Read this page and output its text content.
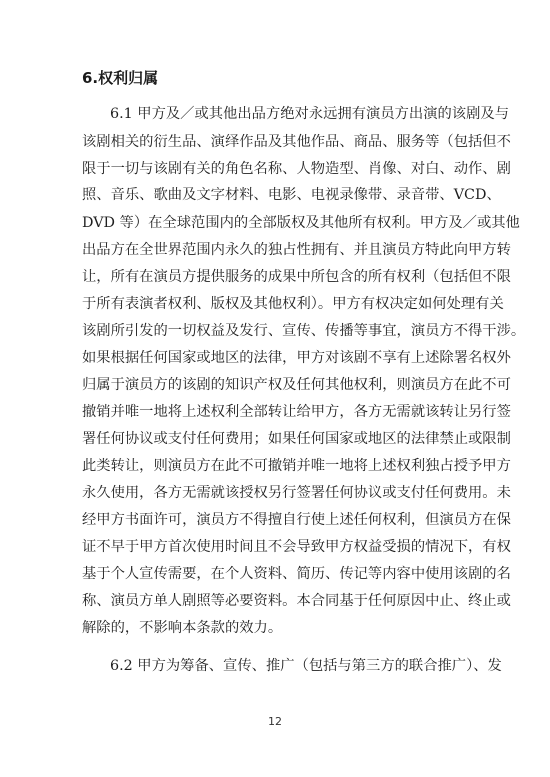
6.权利归属
6.1 甲方及／或其他出品方绝对永远拥有演员方出演的该剧及与
该剧相关的衍生品、演绎作品及其他作品、商品、服务等（包括但不
限于一切与该剧有关的角色名称、人物造型、肖像、对白、动作、剧
照、音乐、歌曲及文字材料、电影、电视录像带、录音带、VCD、
DVD 等）在全球范围内的全部版权及其他所有权利。甲方及／或其他
出品方在全世界范围内永久的独占性拥有、并且演员方特此向甲方转
让，所有在演员方提供服务的成果中所包含的所有权利（包括但不限
于所有表演者权利、版权及其他权利）。甲方有权决定如何处理有关
该剧所引发的一切权益及发行、宣传、传播等事宜，演员方不得干涉。
如果根据任何国家或地区的法律，甲方对该剧不享有上述除署名权外
归属于演员方的该剧的知识产权及任何其他权利，则演员方在此不可
撤销并唯一地将上述权利全部转让给甲方，各方无需就该转让另行签
署任何协议或支付任何费用；如果任何国家或地区的法律禁止或限制
此类转让，则演员方在此不可撤销并唯一地将上述权利独占授予甲方
永久使用，各方无需就该授权另行签署任何协议或支付任何费用。未
经甲方书面许可，演员方不得擅自行使上述任何权利，但演员方在保
证不早于甲方首次使用时间且不会导致甲方权益受损的情况下，有权
基于个人宣传需要，在个人资料、简历、传记等内容中使用该剧的名
称、演员方单人剧照等必要资料。本合同基于任何原因中止、终止或
解除的，不影响本条款的效力。
6.2 甲方为筹备、宣传、推广（包括与第三方的联合推广）、发
12
